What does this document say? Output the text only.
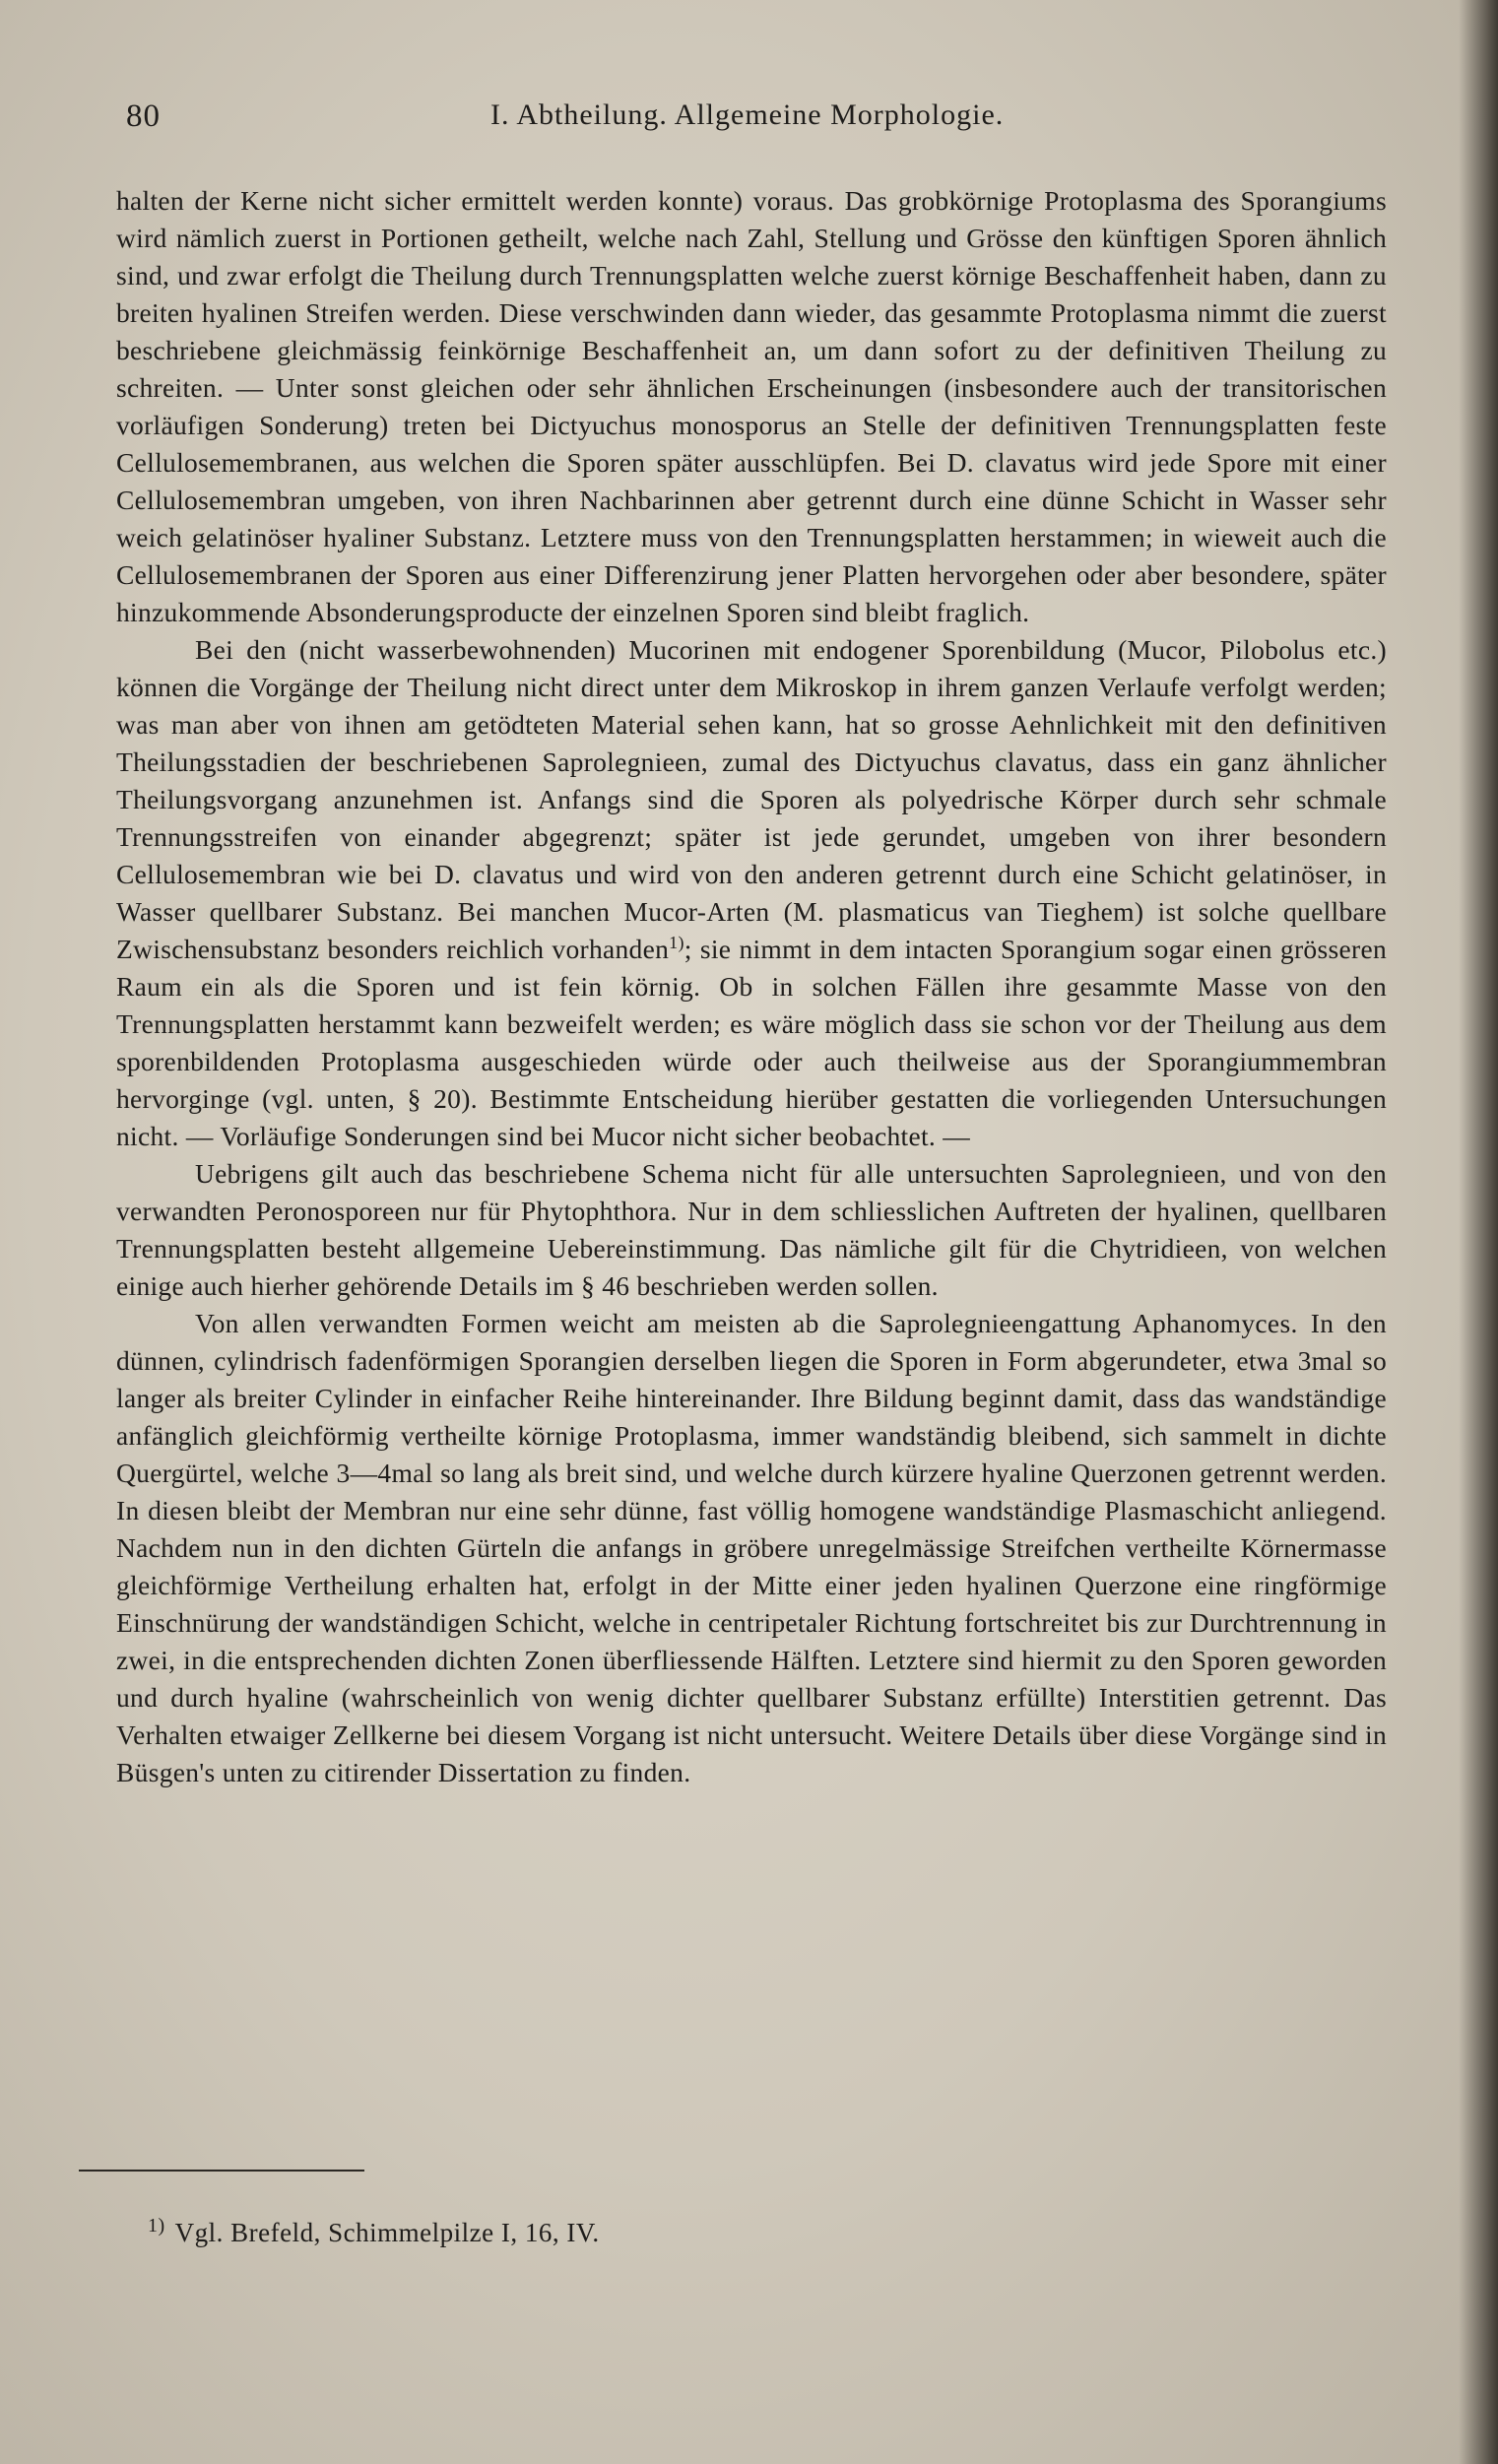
80	I. Abtheilung. Allgemeine Morphologie.

halten der Kerne nicht sicher ermittelt werden konnte) voraus. Das grobkörnige Protoplasma des Sporangiums wird nämlich zuerst in Portionen getheilt, welche nach Zahl, Stellung und Grösse den künftigen Sporen ähnlich sind, und zwar erfolgt die Theilung durch Trennungsplatten welche zuerst körnige Beschaffenheit haben, dann zu breiten hyalinen Streifen werden. Diese verschwinden dann wieder, das gesammte Protoplasma nimmt die zuerst beschriebene gleichmässig feinkörnige Beschaffenheit an, um dann sofort zu der definitiven Theilung zu schreiten. — Unter sonst gleichen oder sehr ähnlichen Erscheinungen (insbesondere auch der transitorischen vorläufigen Sonderung) treten bei Dictyuchus monosporus an Stelle der definitiven Trennungsplatten feste Cellulosemembranen, aus welchen die Sporen später ausschlüpfen. Bei D. clavatus wird jede Spore mit einer Cellulosemembran umgeben, von ihren Nachbarinnen aber getrennt durch eine dünne Schicht in Wasser sehr weich gelatinöser hyaliner Substanz. Letztere muss von den Trennungsplatten herstammen; in wieweit auch die Cellulosemembranen der Sporen aus einer Differenzirung jener Platten hervorgehen oder aber besondere, später hinzukommende Absonderungsproducte der einzelnen Sporen sind bleibt fraglich.

Bei den (nicht wasserbewohnenden) Mucorinen mit endogener Sporenbildung (Mucor, Pilobolus etc.) können die Vorgänge der Theilung nicht direct unter dem Mikroskop in ihrem ganzen Verlaufe verfolgt werden; was man aber von ihnen am getödteten Material sehen kann, hat so grosse Aehnlichkeit mit den definitiven Theilungsstadien der beschriebenen Saprolegnieen, zumal des Dictyuchus clavatus, dass ein ganz ähnlicher Theilungsvorgang anzunehmen ist. Anfangs sind die Sporen als polyedrische Körper durch sehr schmale Trennungsstreifen von einander abgegrenzt; später ist jede gerundet, umgeben von ihrer besondern Cellulosemembran wie bei D. clavatus und wird von den anderen getrennt durch eine Schicht gelatinöser, in Wasser quellbarer Substanz. Bei manchen Mucor-Arten (M. plasmaticus van Tieghem) ist solche quellbare Zwischensubstanz besonders reichlich vorhanden$^{1)}$; sie nimmt in dem intacten Sporangium sogar einen grösseren Raum ein als die Sporen und ist fein körnig. Ob in solchen Fällen ihre gesammte Masse von den Trennungsplatten herstammt kann bezweifelt werden; es wäre möglich dass sie schon vor der Theilung aus dem sporenbildenden Protoplasma ausgeschieden würde oder auch theilweise aus der Sporangiummembran hervorginge (vgl. unten, § 20). Bestimmte Entscheidung hierüber gestatten die vorliegenden Untersuchungen nicht. — Vorläufige Sonderungen sind bei Mucor nicht sicher beobachtet. —

Uebrigens gilt auch das beschriebene Schema nicht für alle untersuchten Saprolegnieen, und von den verwandten Peronosporeen nur für Phytophthora. Nur in dem schliesslichen Auftreten der hyalinen, quellbaren Trennungsplatten besteht allgemeine Uebereinstimmung. Das nämliche gilt für die Chytridieen, von welchen einige auch hierher gehörende Details im § 46 beschrieben werden sollen.

Von allen verwandten Formen weicht am meisten ab die Saprolegnieengattung Aphanomyces. In den dünnen, cylindrisch fadenförmigen Sporangien derselben liegen die Sporen in Form abgerundeter, etwa 3mal so langer als breiter Cylinder in einfacher Reihe hintereinander. Ihre Bildung beginnt damit, dass das wandständige anfänglich gleichförmig vertheilte körnige Protoplasma, immer wandständig bleibend, sich sammelt in dichte Quergürtel, welche 3—4mal so lang als breit sind, und welche durch kürzere hyaline Querzonen getrennt werden. In diesen bleibt der Membran nur eine sehr dünne, fast völlig homogene wandständige Plasmaschicht anliegend. Nachdem nun in den dichten Gürteln die anfangs in gröbere unregelmässige Streifchen vertheilte Körnermasse gleichförmige Vertheilung erhalten hat, erfolgt in der Mitte einer jeden hyalinen Querzone eine ringförmige Einschnürung der wandständigen Schicht, welche in centripetaler Richtung fortschreitet bis zur Durchtrennung in zwei, in die entsprechenden dichten Zonen überfliessende Hälften. Letztere sind hiermit zu den Sporen geworden und durch hyaline (wahrscheinlich von wenig dichter quellbarer Substanz erfüllte) Interstitien getrennt. Das Verhalten etwaiger Zellkerne bei diesem Vorgang ist nicht untersucht. Weitere Details über diese Vorgänge sind in Büsgen's unten zu citirender Dissertation zu finden.

$^{1)}$ Vgl. Brefeld, Schimmelpilze I, 16, IV.
